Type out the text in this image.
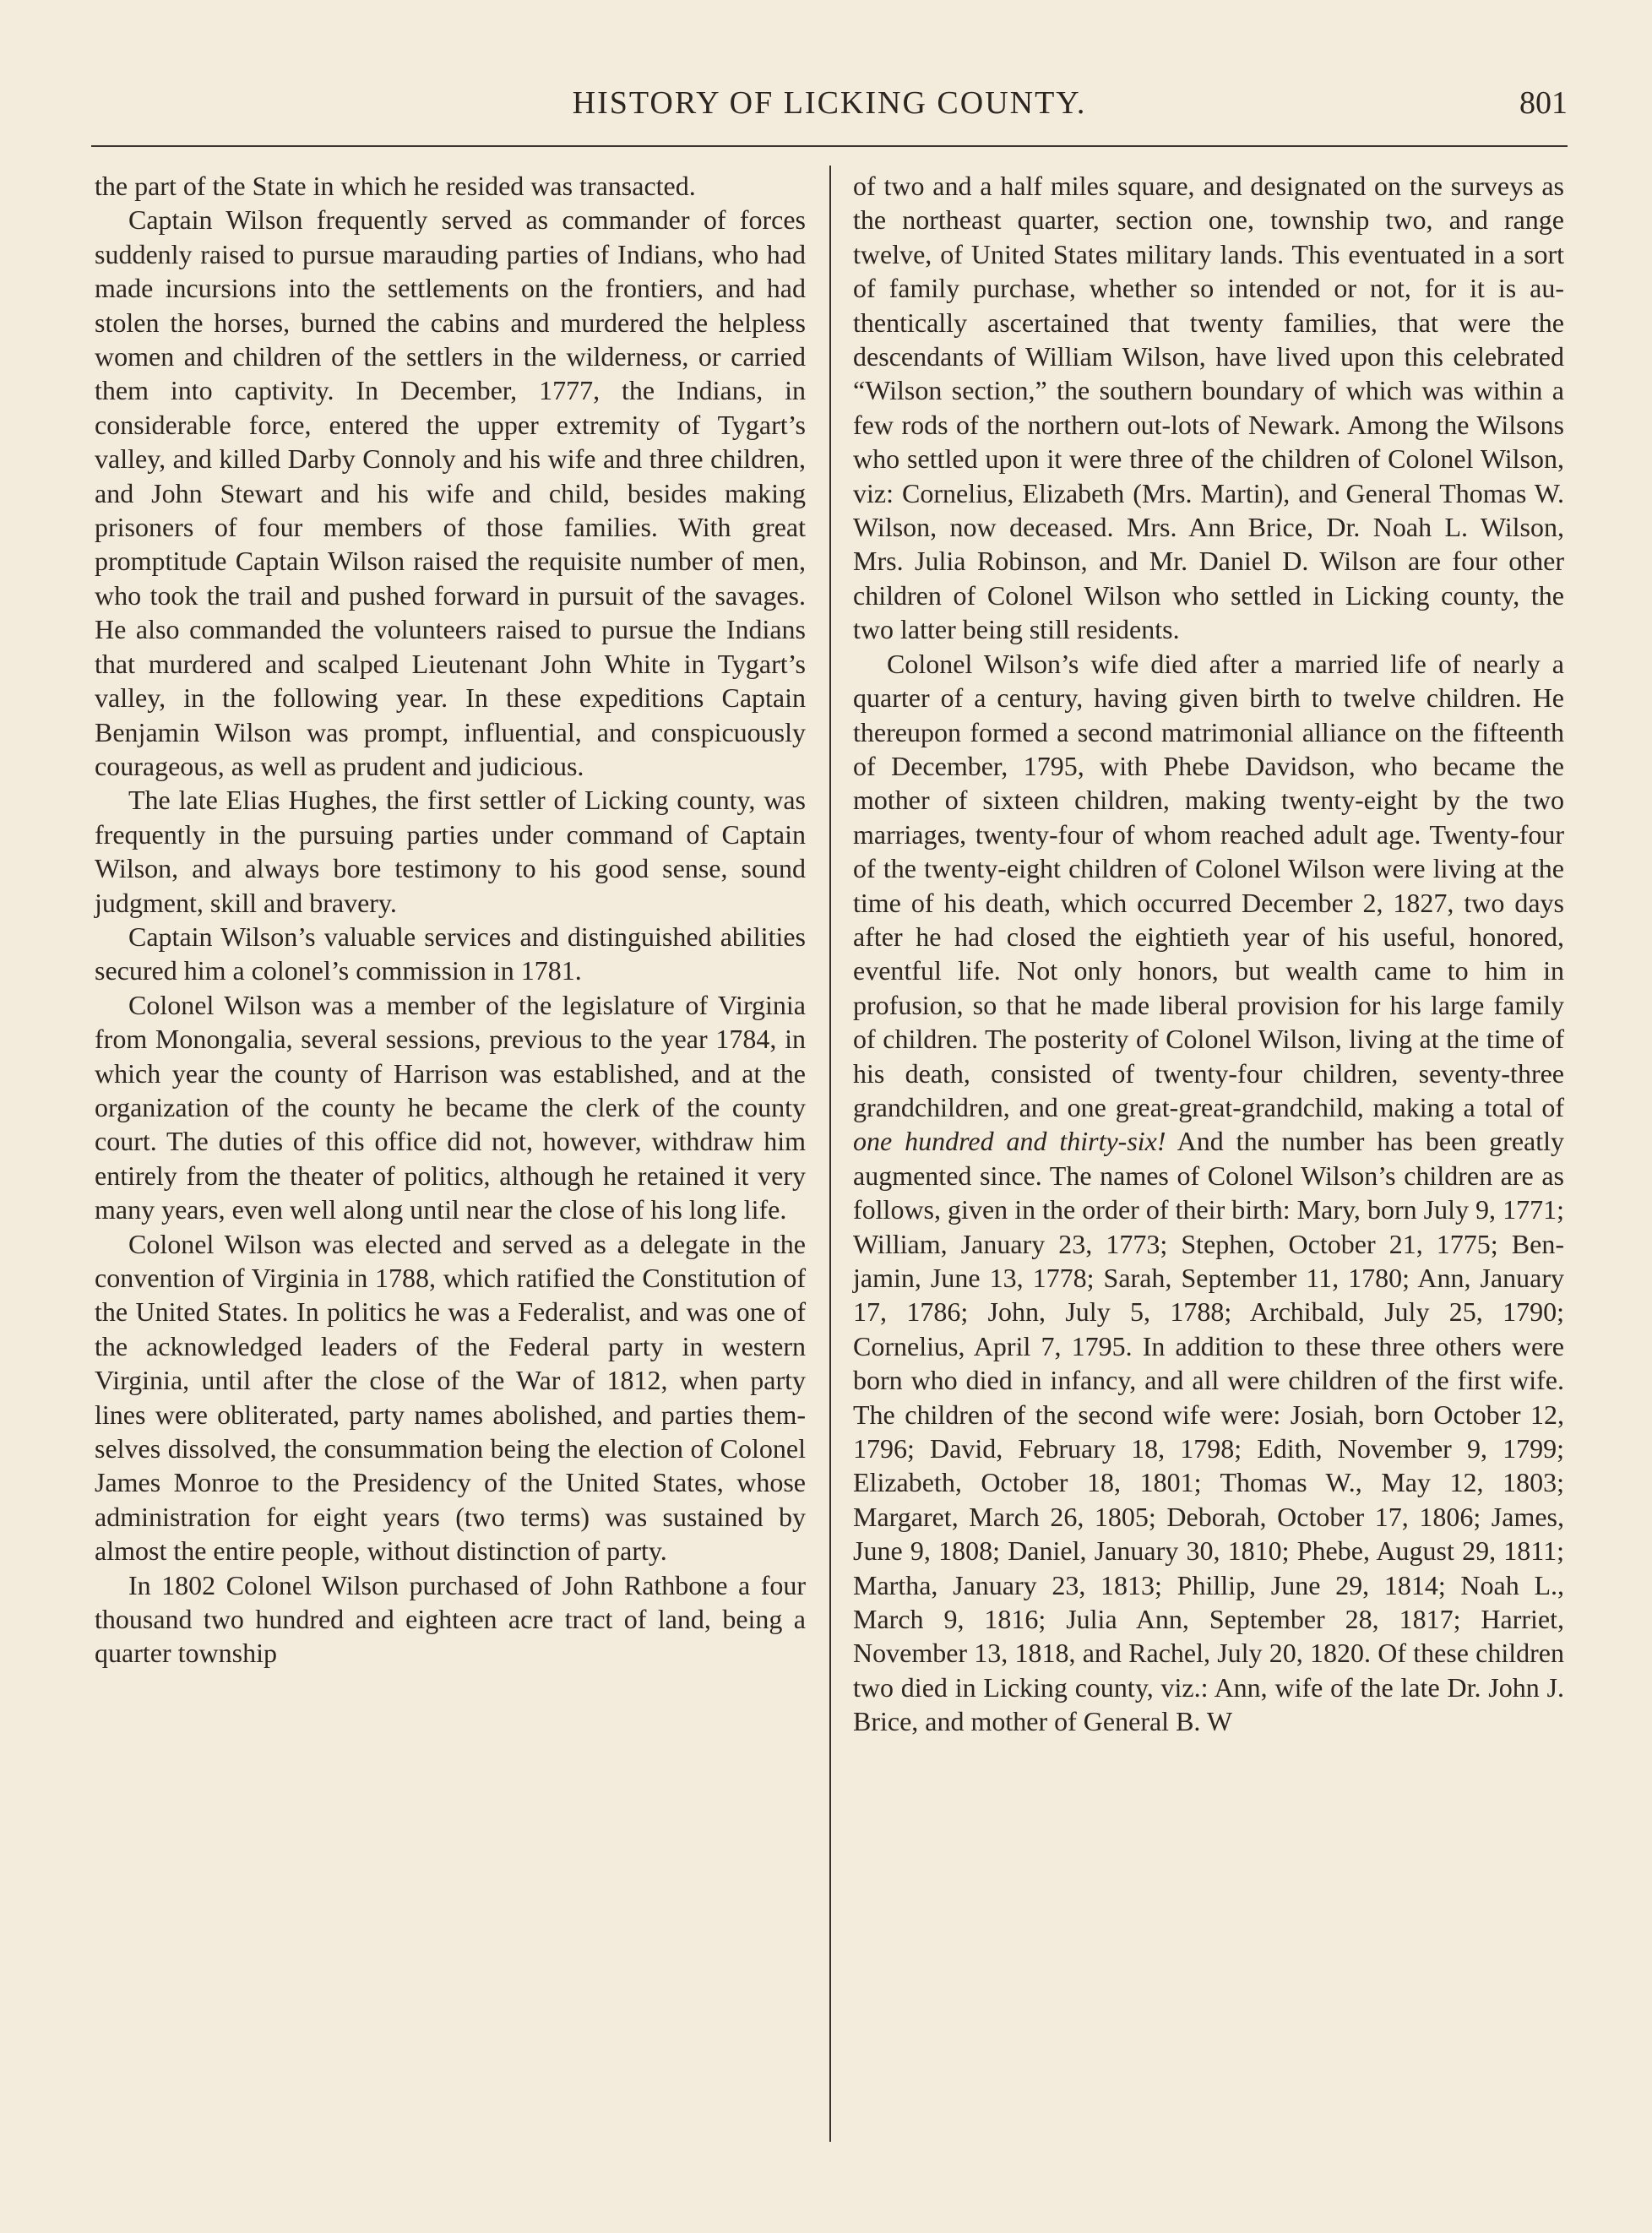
HISTORY OF LICKING COUNTY.	801

the part of the State in which he resided was transacted.

Captain Wilson frequently served as commander of forces suddenly raised to pursue marauding parties of Indians, who had made incursions into the settlements on the frontiers, and had stolen the horses, burned the cabins and murdered the helpless women and children of the settlers in the wilderness, or carried them into captivity. In December, 1777, the Indians, in considerable force, entered the upper extremity of Tygart’s valley, and killed Darby Connoly and his wife and three children, and John Stewart and his wife and child, besides making prisoners of four members of those families. With great promptitude Captain Wilson raised the requisite number of men, who took the trail and pushed forward in pursuit of the savages. He also commanded the volunteers raised to pursue the Indians that murdered and scalped Lieutenant John White in Tygart’s valley, in the following year. In these expeditions Captain Benjamin Wilson was prompt, influential, and conspicuously courageous, as well as prudent and judicious.

The late Elias Hughes, the first settler of Licking county, was frequently in the pursuing parties under command of Captain Wilson, and always bore testimony to his good sense, sound judgment, skill and bravery.

Captain Wilson’s valuable services and distinguished abilities secured him a colonel’s commission in 1781.

Colonel Wilson was a member of the legislature of Virginia from Monongalia, several sessions, previous to the year 1784, in which year the county of Harrison was established, and at the organization of the county he became the clerk of the county court. The duties of this office did not, however, withdraw him entirely from the theater of politics, although he retained it very many years, even well along until near the close of his long life.

Colonel Wilson was elected and served as a delegate in the convention of Virginia in 1788, which ratified the Constitution of the United States. In politics he was a Federalist, and was one of the acknowledged leaders of the Federal party in western Virginia, until after the close of the War of 1812, when party lines were obliterated, party names abolished, and parties themselves dissolved, the consummation being the election of Colonel James Monroe to the Presidency of the United States, whose administration for eight years (two terms) was sustained by almost the entire people, without distinction of party.

In 1802 Colonel Wilson purchased of John Rathbone a four thousand two hundred and eighteen acre tract of land, being a quarter township

of two and a half miles square, and designated on the surveys as the northeast quarter, section one, township two, and range twelve, of United States military lands. This eventuated in a sort of family purchase, whether so intended or not, for it is authentically ascertained that twenty families, that were the descendants of William Wilson, have lived upon this celebrated “Wilson section,” the southern boundary of which was within a few rods of the northern out-lots of Newark. Among the Wilsons who settled upon it were three of the children of Colonel Wilson, viz: Cornelius, Elizabeth (Mrs. Martin), and General Thomas W. Wilson, now deceased. Mrs. Ann Brice, Dr. Noah L. Wilson, Mrs. Julia Robinson, and Mr. Daniel D. Wilson are four other children of Colonel Wilson who settled in Licking county, the two latter being still residents.

Colonel Wilson’s wife died after a married life of nearly a quarter of a century, having given birth to twelve children. He thereupon formed a second matrimonial alliance on the fifteenth of December, 1795, with Phebe Davidson, who became the mother of sixteen children, making twenty-eight by the two marriages, twenty-four of whom reached adult age. Twenty-four of the twenty-eight children of Colonel Wilson were living at the time of his death, which occurred December 2, 1827, two days after he had closed the eightieth year of his useful, honored, eventful life. Not only honors, but wealth came to him in profusion, so that he made liberal provision for his large family of children. The posterity of Colonel Wilson, living at the time of his death, consisted of twenty-four children, seventy-three grandchildren, and one great-great-grandchild, making a total of one hundred and thirty-six! And the number has been greatly augmented since. The names of Colonel Wilson’s children are as follows, given in the order of their birth: Mary, born July 9, 1771; William, January 23, 1773; Stephen, October 21, 1775; Benjamin, June 13, 1778; Sarah, September 11, 1780; Ann, January 17, 1786; John, July 5, 1788; Archibald, July 25, 1790; Cornelius, April 7, 1795. In addition to these three others were born who died in infancy, and all were children of the first wife. The children of the second wife were: Josiah, born October 12, 1796; David, February 18, 1798; Edith, November 9, 1799; Elizabeth, October 18, 1801; Thomas W., May 12, 1803; Margaret, March 26, 1805; Deborah, October 17, 1806; James, June 9, 1808; Daniel, January 30, 1810; Phebe, August 29, 1811; Martha, January 23, 1813; Phillip, June 29, 1814; Noah L., March 9, 1816; Julia Ann, September 28, 1817; Harriet, November 13, 1818, and Rachel, July 20, 1820. Of these children two died in Licking county, viz.: Ann, wife of the late Dr. John J. Brice, and mother of General B. W
